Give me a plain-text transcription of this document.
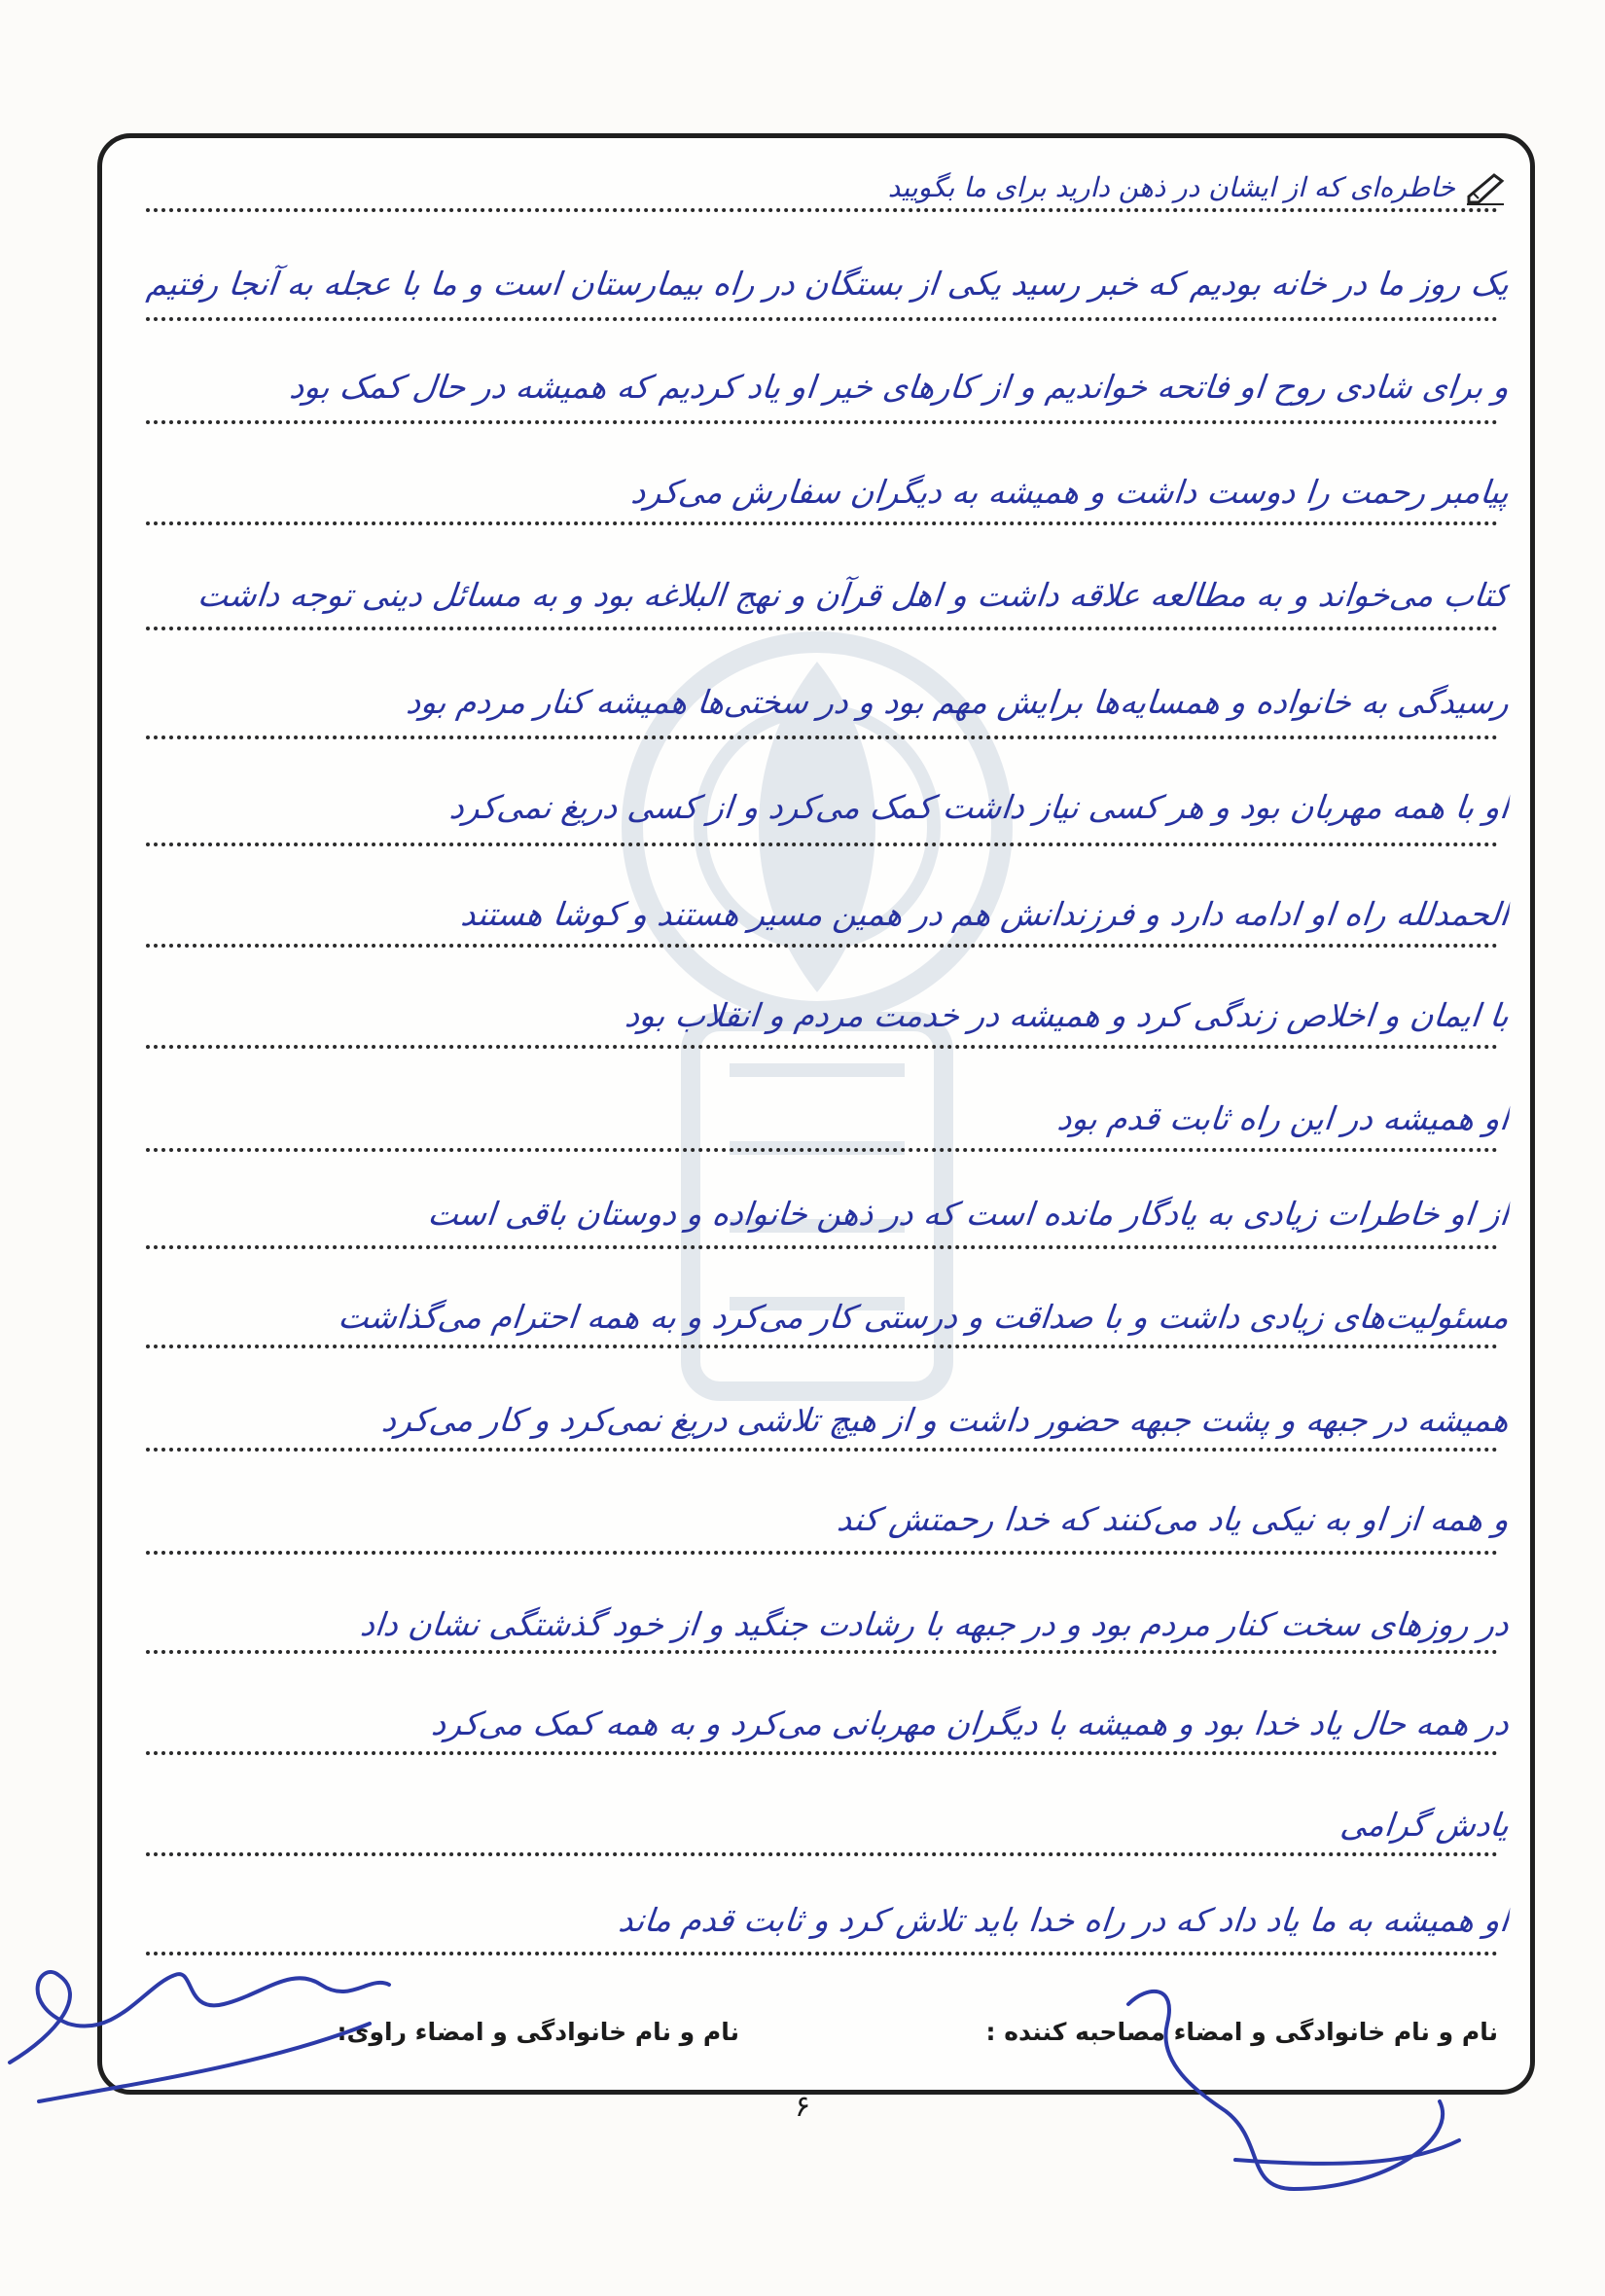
خاطره‌ای که از ایشان در ذهن دارید برای ما بگویید
یک روز ما در خانه بودیم که خبر رسید یکی از بستگان در راه بیمارستان است و ما با عجله به آنجا رفتیم
و برای شادی روح او فاتحه خواندیم و از کارهای خیر او یاد کردیم که همیشه در حال کمک بود
پیامبر رحمت را دوست داشت و همیشه به دیگران سفارش می‌کرد
کتاب می‌خواند و به مطالعه علاقه داشت و اهل قرآن و نهج البلاغه بود و به مسائل دینی توجه داشت
رسیدگی به خانواده و همسایه‌ها برایش مهم بود و در سختی‌ها همیشه کنار مردم بود
او با همه مهربان بود و هر کسی نیاز داشت کمک می‌کرد و از کسی دریغ نمی‌کرد
الحمدلله راه او ادامه دارد و فرزندانش هم در همین مسیر هستند و کوشا هستند
با ایمان و اخلاص زندگی کرد و همیشه در خدمت مردم و انقلاب بود
او همیشه در این راه ثابت قدم بود
از او خاطرات زیادی به یادگار مانده است که در ذهن خانواده و دوستان باقی است
مسئولیت‌های زیادی داشت و با صداقت و درستی کار می‌کرد و به همه احترام می‌گذاشت
همیشه در جبهه و پشت جبهه حضور داشت و از هیچ تلاشی دریغ نمی‌کرد و کار می‌کرد
و همه از او به نیکی یاد می‌کنند که خدا رحمتش کند
در روزهای سخت کنار مردم بود و در جبهه با رشادت جنگید و از خود گذشتگی نشان داد
در همه حال یاد خدا بود و همیشه با دیگران مهربانی می‌کرد و به همه کمک می‌کرد
یادش گرامی
او همیشه به ما یاد داد که در راه خدا باید تلاش کرد و ثابت قدم ماند
نام و نام خانوادگی و امضاء مصاحبه کننده :
نام و نام خانوادگی و امضاء راوی:
۶
